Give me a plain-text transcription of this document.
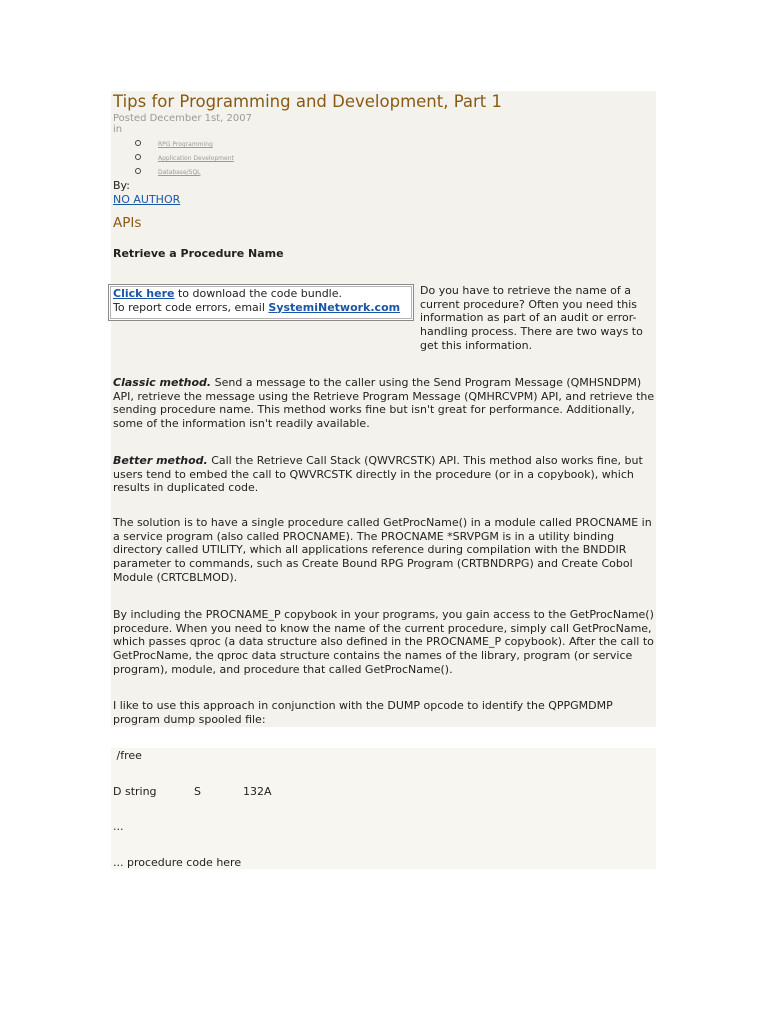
Tips for Programming and Development, Part 1
Posted December 1st, 2007
in
RPG Programming
Application Development
Database/SQL
By:
NO AUTHOR
APIs
Retrieve a Procedure Name
Click here to download the code bundle.
To report code errors, email SystemiNetwork.com

Do you have to retrieve the name of a current procedure? Often you need this information as part of an audit or error-handling process. There are two ways to get this information.

Classic method. Send a message to the caller using the Send Program Message (QMHSNDPM) API, retrieve the message using the Retrieve Program Message (QMHRCVPM) API, and retrieve the sending procedure name. This method works fine but isn't great for performance. Additionally, some of the information isn't readily available.

Better method. Call the Retrieve Call Stack (QWVRCSTK) API. This method also works fine, but users tend to embed the call to QWVRCSTK directly in the procedure (or in a copybook), which results in duplicated code.

The solution is to have a single procedure called GetProcName() in a module called PROCNAME in a service program (also called PROCNAME). The PROCNAME *SRVPGM is in a utility binding directory called UTILITY, which all applications reference during compilation with the BNDDIR parameter to commands, such as Create Bound RPG Program (CRTBNDRPG) and Create Cobol Module (CRTCBLMOD).

By including the PROCNAME_P copybook in your programs, you gain access to the GetProcName() procedure. When you need to know the name of the current procedure, simply call GetProcName, which passes qproc (a data structure also defined in the PROCNAME_P copybook). After the call to GetProcName, the qproc data structure contains the names of the library, program (or service program), module, and procedure that called GetProcName().

I like to use this approach in conjunction with the DUMP opcode to identify the QPPGMDMP program dump spooled file:

/free
D string	S	132A
...
... procedure code here
